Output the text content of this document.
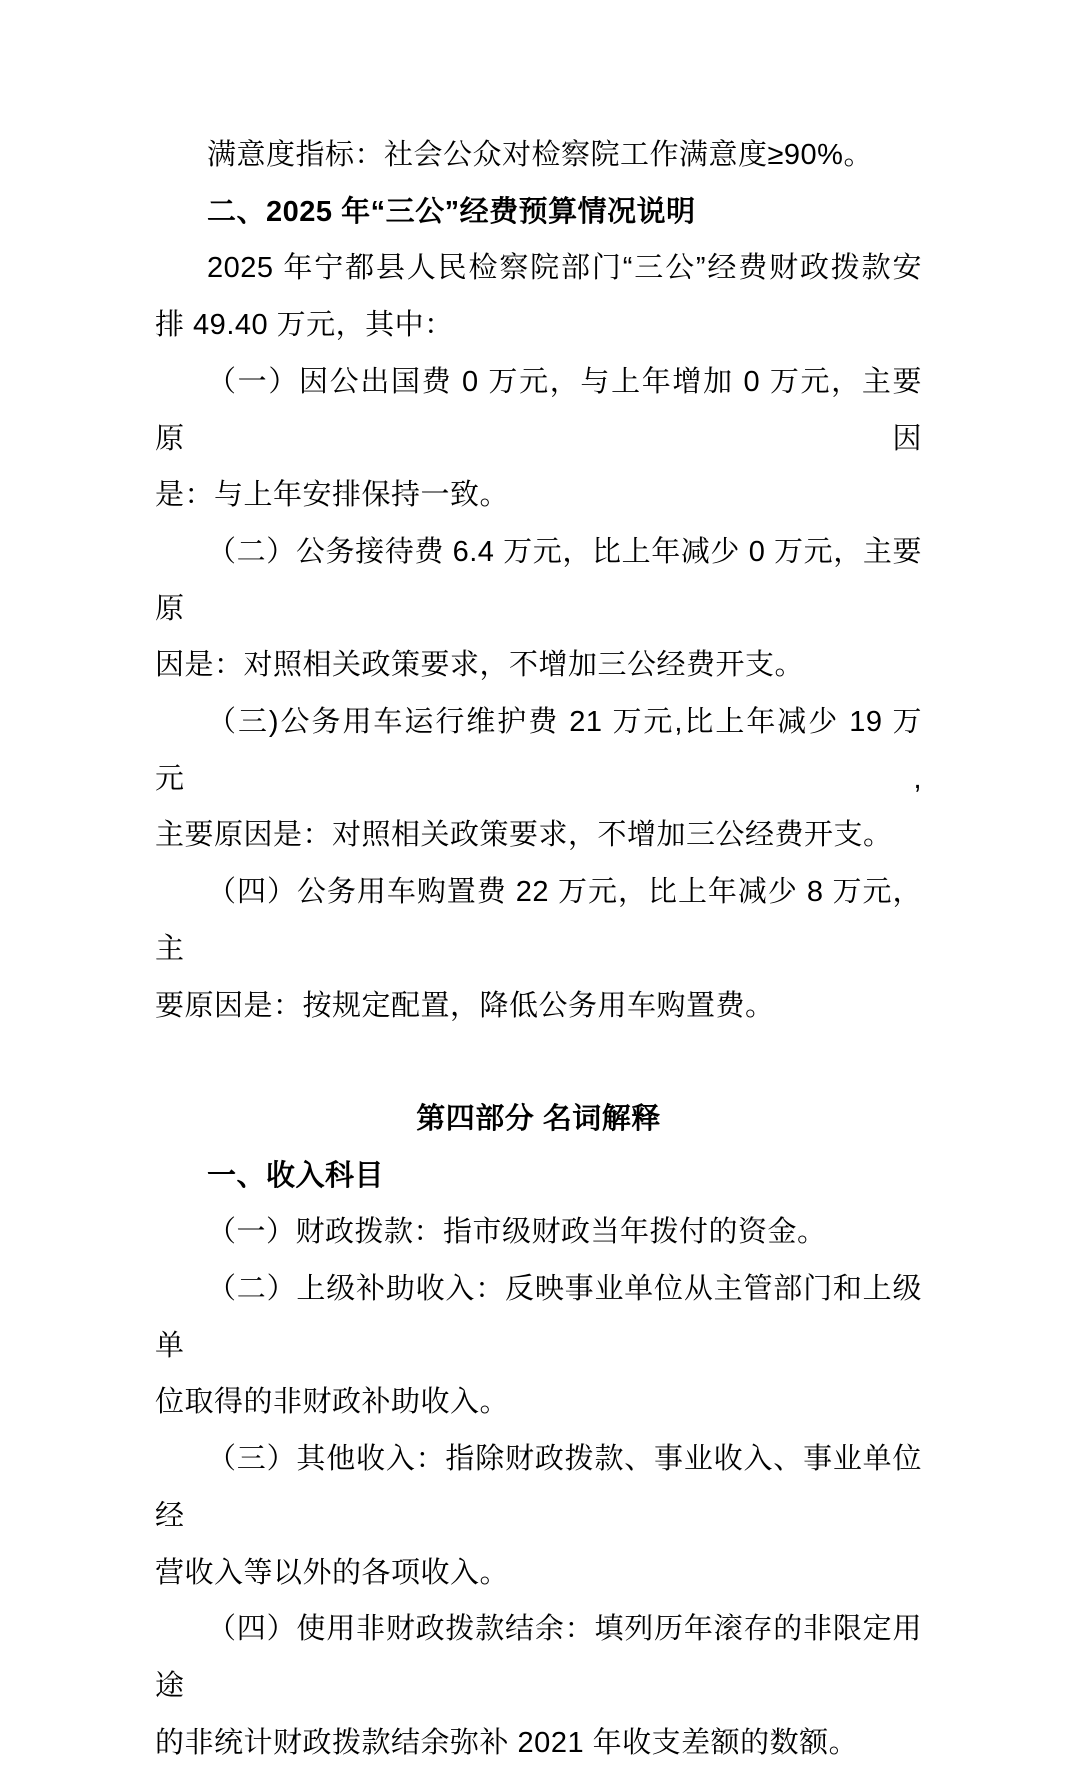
满意度指标：社会公众对检察院工作满意度≥90%。
二、2025 年“三公”经费预算情况说明
2025 年宁都县人民检察院部门“三公”经费财政拨款安
排 49.40 万元，其中：
（一）因公出国费 0 万元，与上年增加 0 万元，主要原因
是：与上年安排保持一致。
（二）公务接待费 6.4 万元，比上年减少 0 万元，主要原
因是：对照相关政策要求，不增加三公经费开支。
（三)公务用车运行维护费 21 万元,比上年减少 19 万元,
主要原因是：对照相关政策要求，不增加三公经费开支。
（四）公务用车购置费 22 万元，比上年减少 8 万元，主
要原因是：按规定配置，降低公务用车购置费。
第四部分 名词解释
一、收入科目
（一）财政拨款：指市级财政当年拨付的资金。
（二）上级补助收入：反映事业单位从主管部门和上级单
位取得的非财政补助收入。
（三）其他收入：指除财政拨款、事业收入、事业单位经
营收入等以外的各项收入。
（四）使用非财政拨款结余：填列历年滚存的非限定用途
的非统计财政拨款结余弥补 2021 年收支差额的数额。
